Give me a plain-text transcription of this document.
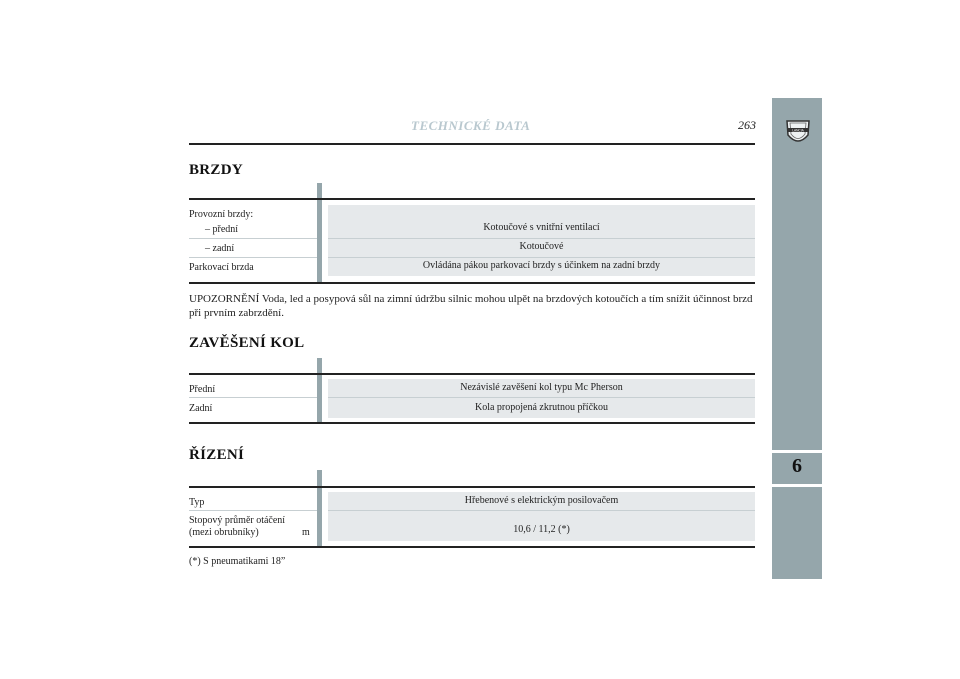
TECHNICKÉ DATA	263
6
LANCIA
BRZDY
Provozní brzdy:
– přední	Kotoučové s vnitřní ventilací
– zadní	Kotoučové
Parkovací brzda	Ovládána pákou parkovací brzdy s účinkem na zadní brzdy
UPOZORNĚNÍ Voda, led a posypová sůl na zimní údržbu silnic mohou ulpět na brzdových kotoučích a tím snížit účinnost brzd při prvním zabrzdění.
ZAVĚŠENÍ KOL
Přední	Nezávislé zavěšení kol typu Mc Pherson
Zadní	Kola propojená zkrutnou příčkou
ŘÍZENÍ
Typ	Hřebenové s elektrickým posilovačem
Stopový průměr otáčení
(mezi obrubníky)	m	10,6 / 11,2 (*)
(*) S pneumatikami 18”
